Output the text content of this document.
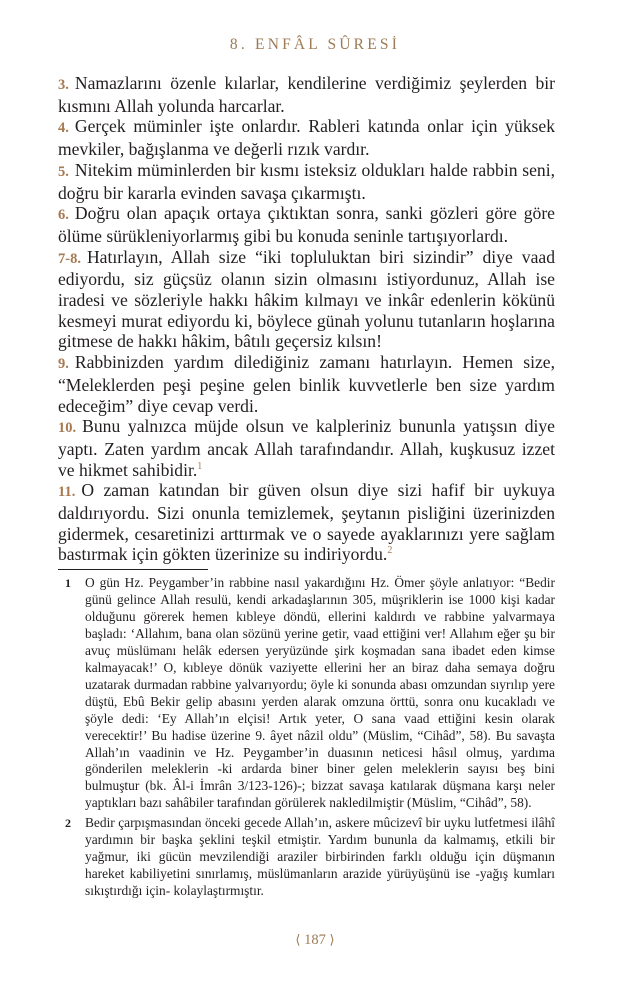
8. ENFÂL SÛRESİ

3. Namazlarını özenle kılarlar, kendilerine verdiğimiz şeylerden bir kısmını Allah yolunda harcarlar.

4. Gerçek müminler işte onlardır. Rableri katında onlar için yüksek mevkiler, bağışlanma ve değerli rızık vardır.

5. Nitekim müminlerden bir kısmı isteksiz oldukları halde rabbin seni, doğru bir kararla evinden savaşa çıkarmıştı.

6. Doğru olan apaçık ortaya çıktıktan sonra, sanki gözleri göre göre ölüme sürükleniyorlarmış gibi bu konuda seninle tartışıyorlardı.

7-8. Hatırlayın, Allah size “iki topluluktan biri sizindir” diye vaad ediyordu, siz güçsüz olanın sizin olmasını istiyordunuz, Allah ise iradesi ve sözleriyle hakkı hâkim kılmayı ve inkâr edenlerin kökünü kesmeyi murat ediyordu ki, böylece günah yolunu tutanların hoşlarına gitmese de hakkı hâkim, bâtılı geçersiz kılsın!

9. Rabbinizden yardım dilediğiniz zamanı hatırlayın. Hemen size, “Meleklerden peşi peşine gelen binlik kuvvetlerle ben size yardım edeceğim” diye cevap verdi.

10. Bunu yalnızca müjde olsun ve kalpleriniz bununla yatışsın diye yaptı. Zaten yardım ancak Allah tarafındandır. Allah, kuşkusuz izzet ve hikmet sahibidir.$^1$

11. O zaman katından bir güven olsun diye sizi hafif bir uykuya daldırıyordu. Sizi onunla temizlemek, şeytanın pisliğini üzerinizden gidermek, cesaretinizi arttırmak ve o sayede ayaklarınızı yere sağlam bastırmak için gökten üzerinize su indiriyordu.$^2$

1 O gün Hz. Peygamber’in rabbine nasıl yakardığını Hz. Ömer şöyle anlatıyor: “Bedir günü gelince Allah resulü, kendi arkadaşlarının 305, müşriklerin ise 1000 kişi kadar olduğunu görerek hemen kıbleye döndü, ellerini kaldırdı ve rabbine yalvarmaya başladı: ‘Allahım, bana olan sözünü yerine getir, vaad ettiğini ver! Allahım eğer şu bir avuç müslümanı helâk edersen yeryüzünde şirk koşmadan sana ibadet eden kimse kalmayacak!’ O, kıbleye dönük vaziyette ellerini her an biraz daha semaya doğru uzatarak durmadan rabbine yalvarıyordu; öyle ki sonunda abası omzundan sıyrılıp yere düştü, Ebû Bekir gelip abasını yerden alarak omzuna örttü, sonra onu kucakladı ve şöyle dedi: ‘Ey Allah’ın elçisi! Artık yeter, O sana vaad ettiğini kesin olarak verecektir!’ Bu hadise üzerine 9. âyet nâzil oldu” (Müslim, “Cihâd”, 58). Bu savaşta Allah’ın vaadinin ve Hz. Peygamber’in duasının neticesi hâsıl olmuş, yardıma gönderilen meleklerin -ki ardarda biner biner gelen meleklerin sayısı beş bini bulmuştur (bk. Âl-i İmrân 3/123-126)-; bizzat savaşa katılarak düşmana karşı neler yaptıkları bazı sahâbiler tarafından görülerek nakledilmiştir (Müslim, “Cihâd”, 58).

2 Bedir çarpışmasından önceki gecede Allah’ın, askere mûcizevî bir uyku lutfetmesi ilâhî yardımın bir başka şeklini teşkil etmiştir. Yardım bununla da kalmamış, etkili bir yağmur, iki gücün mevzilendiği araziler birbirinden farklı olduğu için düşmanın hareket kabiliyetini sınırlamış, müslümanların arazide yürüyüşünü ise -yağış kumları sıkıştırdığı için- kolaylaştırmıştır.

⟨ 187 ⟩
